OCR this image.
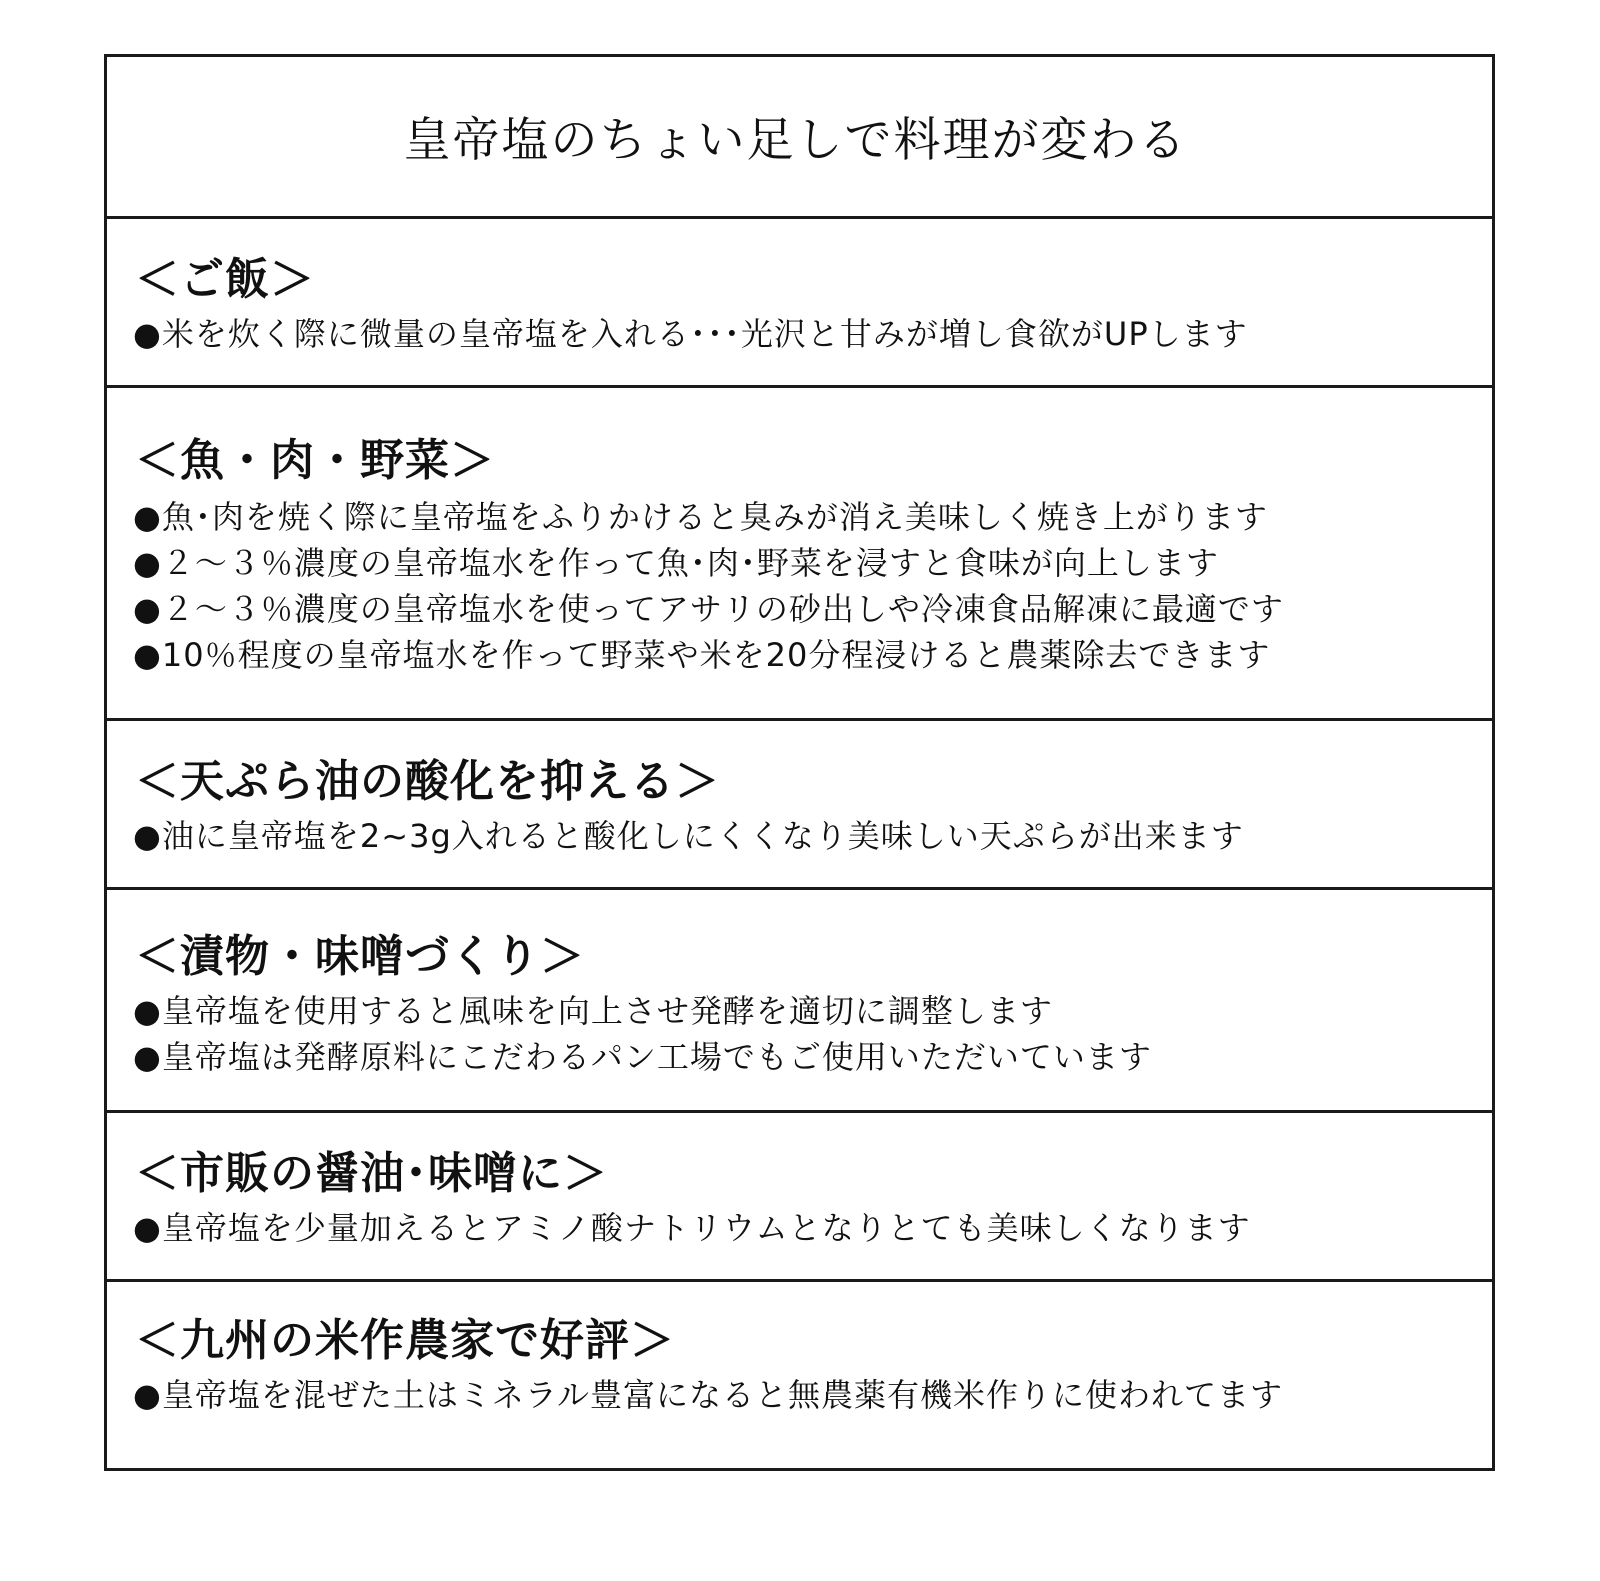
皇帝塩のちょい足しで料理が変わる
＜ご飯＞
●米を炊く際に微量の皇帝塩を入れる･･･光沢と甘みが増し食欲がUPします
＜魚・肉・野菜＞
●魚･肉を焼く際に皇帝塩をふりかけると臭みが消え美味しく焼き上がります
●２～３％濃度の皇帝塩水を作って魚･肉･野菜を浸すと食味が向上します
●２～３％濃度の皇帝塩水を使ってアサリの砂出しや冷凍食品解凍に最適です
●10％程度の皇帝塩水を作って野菜や米を20分程浸けると農薬除去できます
＜天ぷら油の酸化を抑える＞
●油に皇帝塩を2~3g入れると酸化しにくくなり美味しい天ぷらが出来ます
＜漬物・味噌づくり＞
●皇帝塩を使用すると風味を向上させ発酵を適切に調整します
●皇帝塩は発酵原料にこだわるパン工場でもご使用いただいています
＜市販の醤油･味噌に＞
●皇帝塩を少量加えるとアミノ酸ナトリウムとなりとても美味しくなります
＜九州の米作農家で好評＞
●皇帝塩を混ぜた土はミネラル豊富になると無農薬有機米作りに使われてます
